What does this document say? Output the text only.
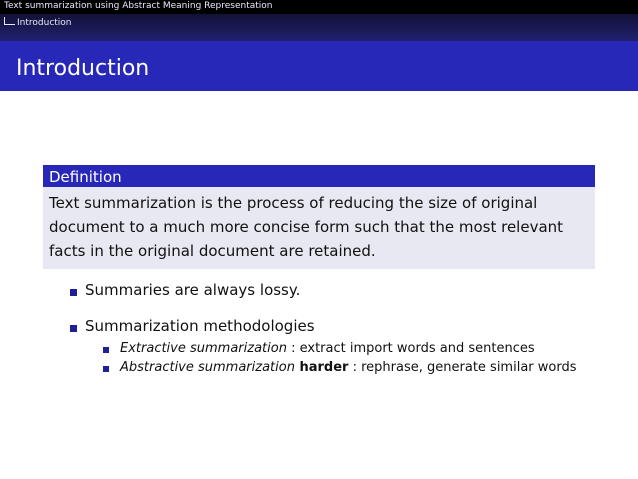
Text summarization using Abstract Meaning Representation
Introduction
Introduction
Definition
Text summarization is the process of reducing the size of original document to a much more concise form such that the most relevant facts in the original document are retained.
Summaries are always lossy.
Summarization methodologies
Extractive summarization : extract import words and sentences
Abstractive summarization harder : rephrase, generate similar words
